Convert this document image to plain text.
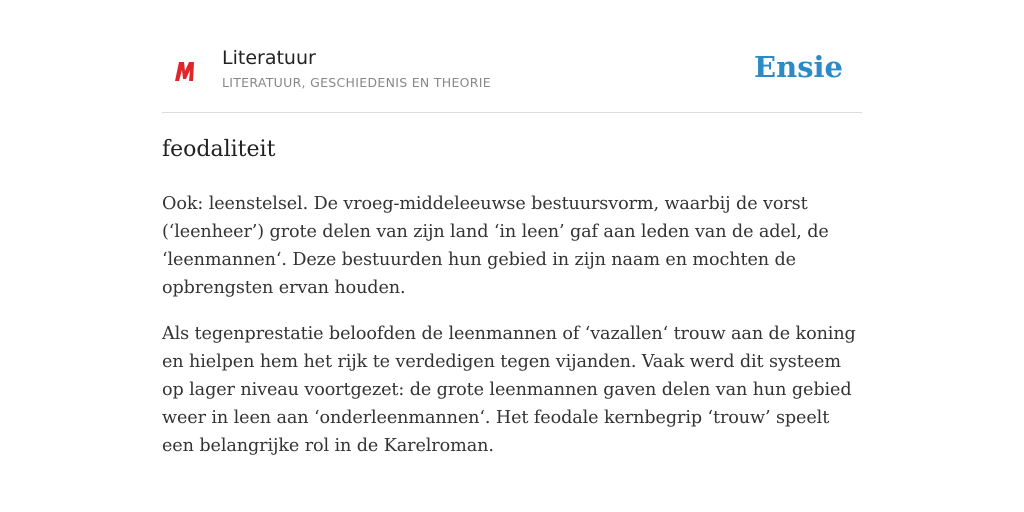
Literatuur
LITERATUUR, GESCHIEDENIS EN THEORIE	Ensie
feodaliteit

Ook: leenstelsel. De vroeg-middeleeuwse bestuursvorm, waarbij de vorst (‘leenheer’) grote delen van zijn land ‘in leen’ gaf aan leden van de adel, de ‘leenmannen‘. Deze bestuurden hun gebied in zijn naam en mochten de opbrengsten ervan houden.

Als tegenprestatie beloofden de leenmannen of ‘vazallen‘ trouw aan de koning en hielpen hem het rijk te verdedigen tegen vijanden. Vaak werd dit systeem op lager niveau voortgezet: de grote leenmannen gaven delen van hun gebied weer in leen aan ‘onderleenmannen‘. Het feodale kernbegrip ‘trouw’ speelt een belangrijke rol in de Karelroman.
